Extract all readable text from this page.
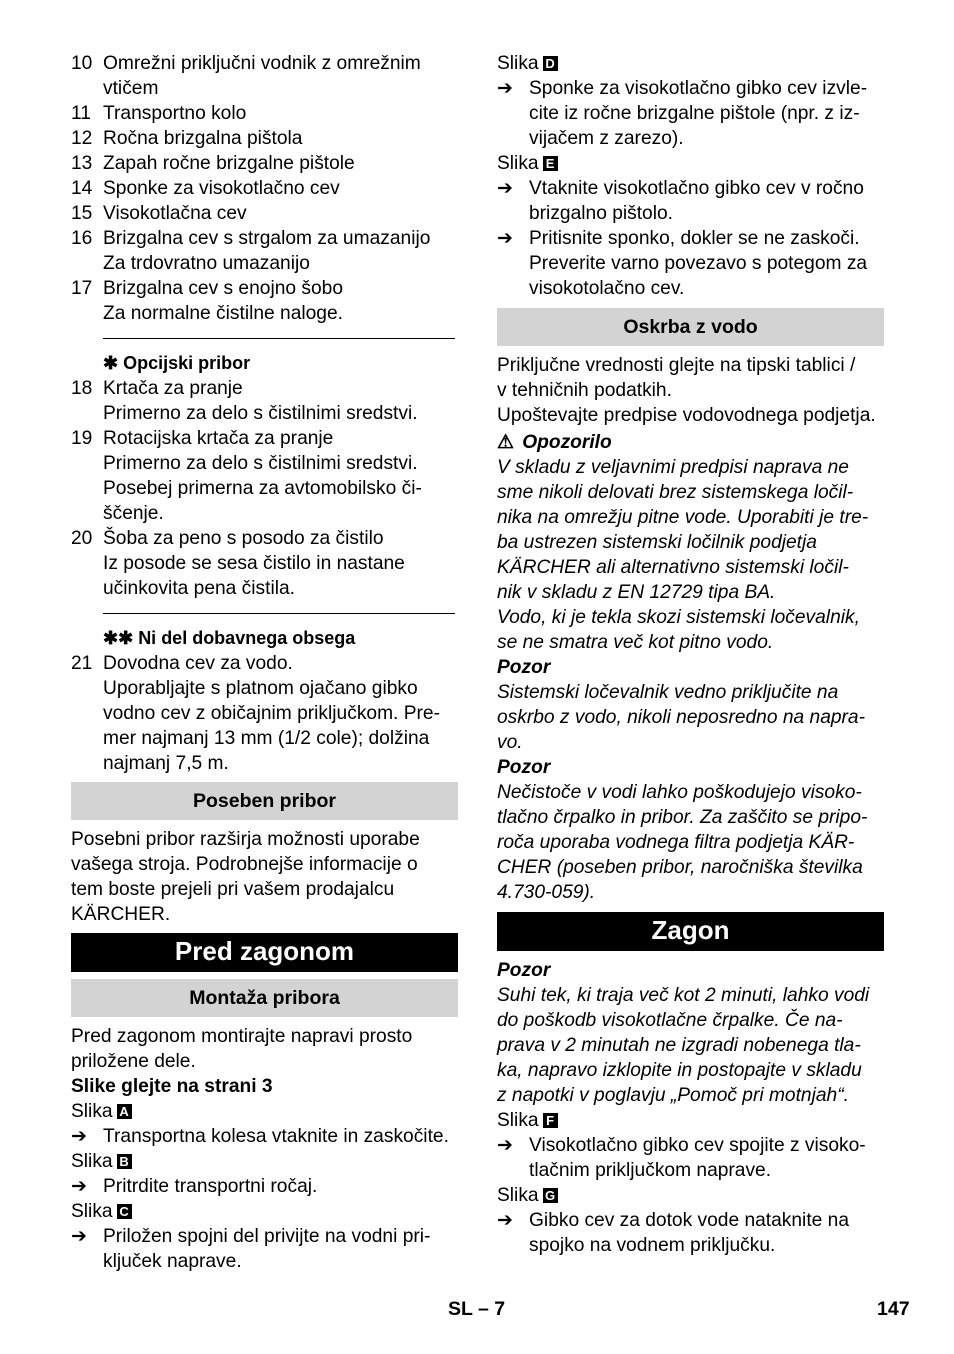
10 Omrežni priključni vodnik z omrežnim
vtičem
11 Transportno kolo
12 Ročna brizgalna pištola
13 Zapah ročne brizgalne pištole
14 Sponke za visokotlačno cev
15 Visokotlačna cev
16 Brizgalna cev s strgalom za umazanijo
Za trdovratno umazanijo
17 Brizgalna cev s enojno šobo
Za normalne čistilne naloge.
✱ Opcijski pribor
18 Krtača za pranje
Primerno za delo s čistilnimi sredstvi.
19 Rotacijska krtača za pranje
Primerno za delo s čistilnimi sredstvi.
Posebej primerna za avtomobilsko či-
ščenje.
20 Šoba za peno s posodo za čistilo
Iz posode se sesa čistilo in nastane
učinkovita pena čistila.
✱✱ Ni del dobavnega obsega
21 Dovodna cev za vodo.
Uporabljajte s platnom ojačano gibko
vodno cev z običajnim priključkom. Pre-
mer najmanj 13 mm (1/2 cole); dolžina
najmanj 7,5 m.
Poseben pribor
Posebni pribor razširja možnosti uporabe
vašega stroja. Podrobnejše informacije o
tem boste prejeli pri vašem prodajalcu
KÄRCHER.
Pred zagonom
Montaža pribora
Pred zagonom montirajte napravi prosto
priložene dele.
Slike glejte na strani 3
Slika A
➔ Transportna kolesa vtaknite in zaskočite.
Slika B
➔ Pritrdite transportni ročaj.
Slika C
➔ Priložen spojni del privijte na vodni pri-
ključek naprave.
Slika D
➔ Sponke za visokotlačno gibko cev izvle-
cite iz ročne brizgalne pištole (npr. z iz-
vijačem z zarezo).
Slika E
➔ Vtaknite visokotlačno gibko cev v ročno
brizgalno pištolo.
➔ Pritisnite sponko, dokler se ne zaskoči.
Preverite varno povezavo s potegom za
visokotolačno cev.
Oskrba z vodo
Priključne vrednosti glejte na tipski tablici /
v tehničnih podatkih.
Upoštevajte predpise vodovodnega podjetja.
⚠ Opozorilo
V skladu z veljavnimi predpisi naprava ne
sme nikoli delovati brez sistemskega ločil-
nika na omrežju pitne vode. Uporabiti je tre-
ba ustrezen sistemski ločilnik podjetja
KÄRCHER ali alternativno sistemski ločil-
nik v skladu z EN 12729 tipa BA.
Vodo, ki je tekla skozi sistemski ločevalnik,
se ne smatra več kot pitno vodo.
Pozor
Sistemski ločevalnik vedno priključite na
oskrbo z vodo, nikoli neposredno na napra-
vo.
Pozor
Nečistoče v vodi lahko poškodujejo visoko-
tlačno črpalko in pribor. Za zaščito se pripo-
roča uporaba vodnega filtra podjetja KÄR-
CHER (poseben pribor, naročniška številka
4.730-059).
Zagon
Pozor
Suhi tek, ki traja več kot 2 minuti, lahko vodi
do poškodb visokotlačne črpalke. Če na-
prava v 2 minutah ne izgradi nobenega tla-
ka, napravo izklopite in postopajte v skladu
z napotki v poglavju „Pomoč pri motnjah“.
Slika F
➔ Visokotlačno gibko cev spojite z visoko-
tlačnim priključkom naprave.
Slika G
➔ Gibko cev za dotok vode nataknite na
spojko na vodnem priključku.
SL – 7	147
